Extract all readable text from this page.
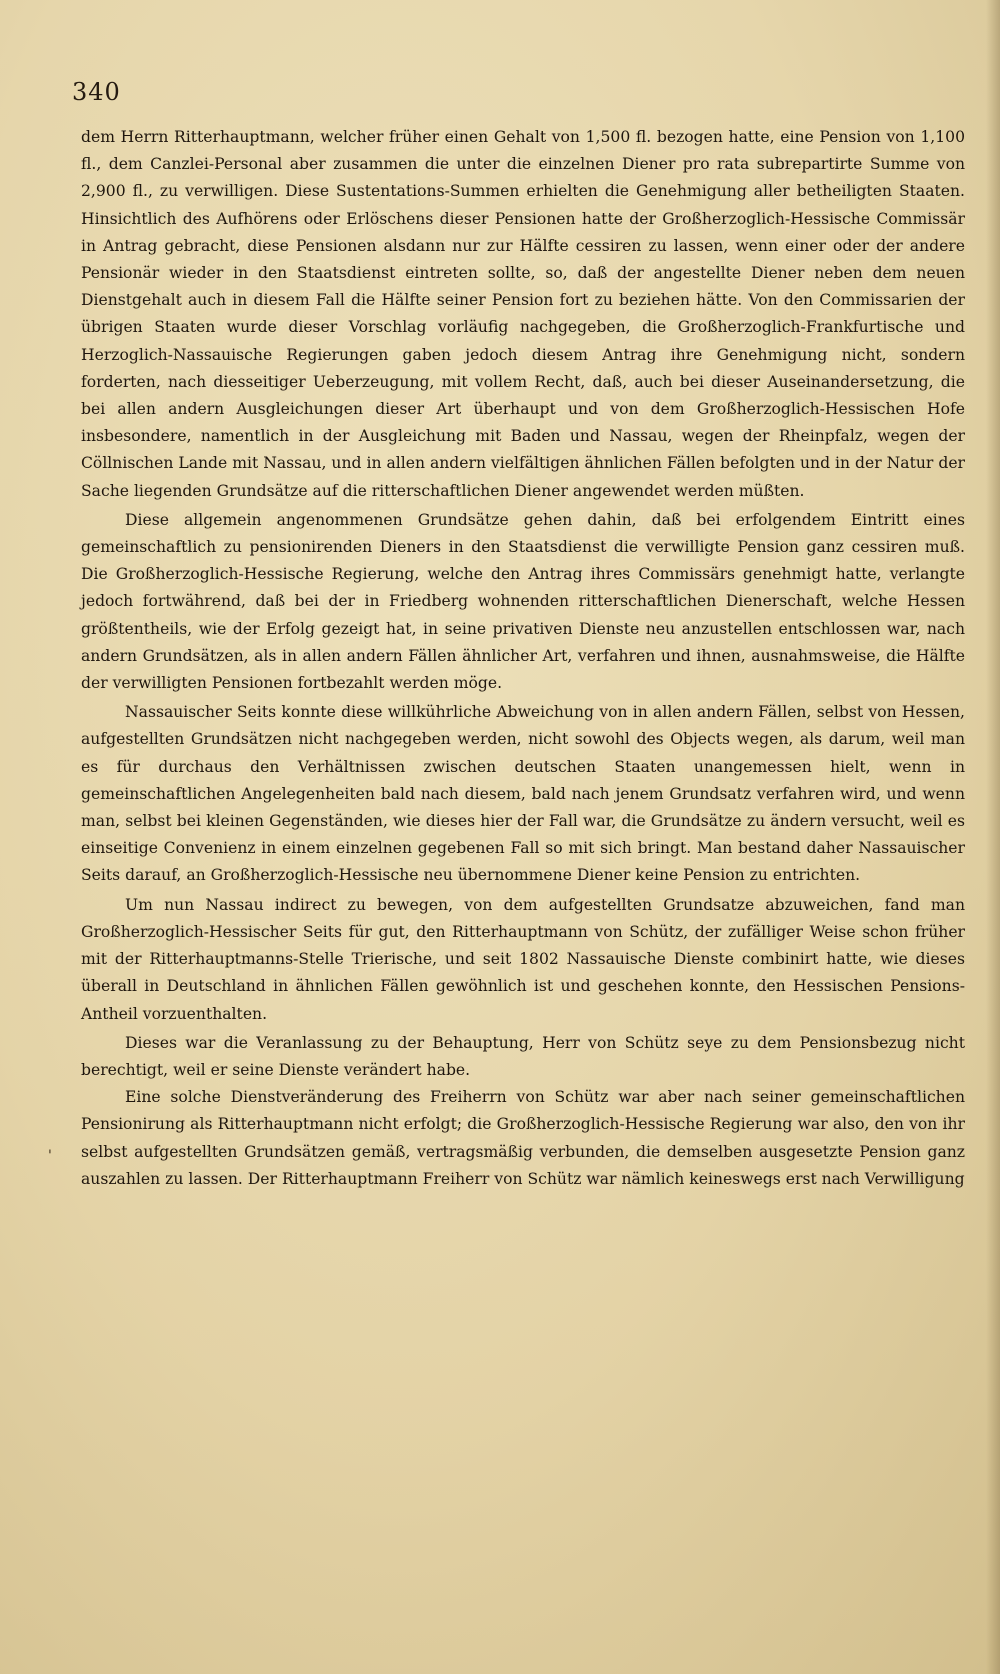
340
'

dem Herrn Ritterhauptmann, welcher früher einen Gehalt von 1,500 fl. bezogen hatte, eine Pension von 1,100 fl., dem Canzlei-Personal aber zusammen die unter die einzelnen Diener pro rata subrepartirte Summe von 2,900 fl., zu verwilligen. Diese Sustentations-Summen erhielten die Genehmigung aller betheiligten Staaten. Hinsichtlich des Aufhörens oder Erlöschens dieser Pensionen hatte der Großherzoglich-Hessische Commissär in Antrag gebracht, diese Pensionen alsdann nur zur Hälfte cessiren zu lassen, wenn einer oder der andere Pensionär wieder in den Staatsdienst eintreten sollte, so, daß der angestellte Diener neben dem neuen Dienstgehalt auch in diesem Fall die Hälfte seiner Pension fort zu beziehen hätte. Von den Commissarien der übrigen Staaten wurde dieser Vorschlag vorläufig nachgegeben, die Großherzoglich-Frankfurtische und Herzoglich-Nassauische Regierungen gaben jedoch diesem Antrag ihre Genehmigung nicht, sondern forderten, nach diesseitiger Ueberzeugung, mit vollem Recht, daß, auch bei dieser Auseinandersetzung, die bei allen andern Ausgleichungen dieser Art überhaupt und von dem Großherzoglich-Hessischen Hofe insbesondere, namentlich in der Ausgleichung mit Baden und Nassau, wegen der Rheinpfalz, wegen der Cöllnischen Lande mit Nassau, und in allen andern vielfältigen ähnlichen Fällen befolgten und in der Natur der Sache liegenden Grundsätze auf die ritterschaftlichen Diener angewendet werden müßten.

Diese allgemein angenommenen Grundsätze gehen dahin, daß bei erfolgendem Eintritt eines gemeinschaftlich zu pensionirenden Dieners in den Staatsdienst die verwilligte Pension ganz cessiren muß. Die Großherzoglich-Hessische Regierung, welche den Antrag ihres Commissärs genehmigt hatte, verlangte jedoch fortwährend, daß bei der in Friedberg wohnenden ritterschaftlichen Dienerschaft, welche Hessen größtentheils, wie der Erfolg gezeigt hat, in seine privativen Dienste neu anzustellen entschlossen war, nach andern Grundsätzen, als in allen andern Fällen ähnlicher Art, verfahren und ihnen, ausnahmsweise, die Hälfte der verwilligten Pensionen fortbezahlt werden möge.

Nassauischer Seits konnte diese willkührliche Abweichung von in allen andern Fällen, selbst von Hessen, aufgestellten Grundsätzen nicht nachgegeben werden, nicht sowohl des Objects wegen, als darum, weil man es für durchaus den Verhältnissen zwischen deutschen Staaten unangemessen hielt, wenn in gemeinschaftlichen Angelegenheiten bald nach diesem, bald nach jenem Grundsatz verfahren wird, und wenn man, selbst bei kleinen Gegenständen, wie dieses hier der Fall war, die Grundsätze zu ändern versucht, weil es einseitige Convenienz in einem einzelnen gegebenen Fall so mit sich bringt. Man bestand daher Nassauischer Seits darauf, an Großherzoglich-Hessische neu übernommene Diener keine Pension zu entrichten.

Um nun Nassau indirect zu bewegen, von dem aufgestellten Grundsatze abzuweichen, fand man Großherzoglich-Hessischer Seits für gut, den Ritterhauptmann von Schütz, der zufälliger Weise schon früher mit der Ritterhauptmanns-Stelle Trierische, und seit 1802 Nassauische Dienste combinirt hatte, wie dieses überall in Deutschland in ähnlichen Fällen gewöhnlich ist und geschehen konnte, den Hessischen Pensions-Antheil vorzuenthalten.

Dieses war die Veranlassung zu der Behauptung, Herr von Schütz seye zu dem Pensionsbezug nicht berechtigt, weil er seine Dienste verändert habe.

Eine solche Dienstveränderung des Freiherrn von Schütz war aber nach seiner gemeinschaftlichen Pensionirung als Ritterhauptmann nicht erfolgt; die Großherzoglich-Hessische Regierung war also, den von ihr selbst aufgestellten Grundsätzen gemäß, vertragsmäßig verbunden, die demselben ausgesetzte Pension ganz auszahlen zu lassen. Der Ritterhauptmann Freiherr von Schütz war nämlich keineswegs erst nach Verwilligung
